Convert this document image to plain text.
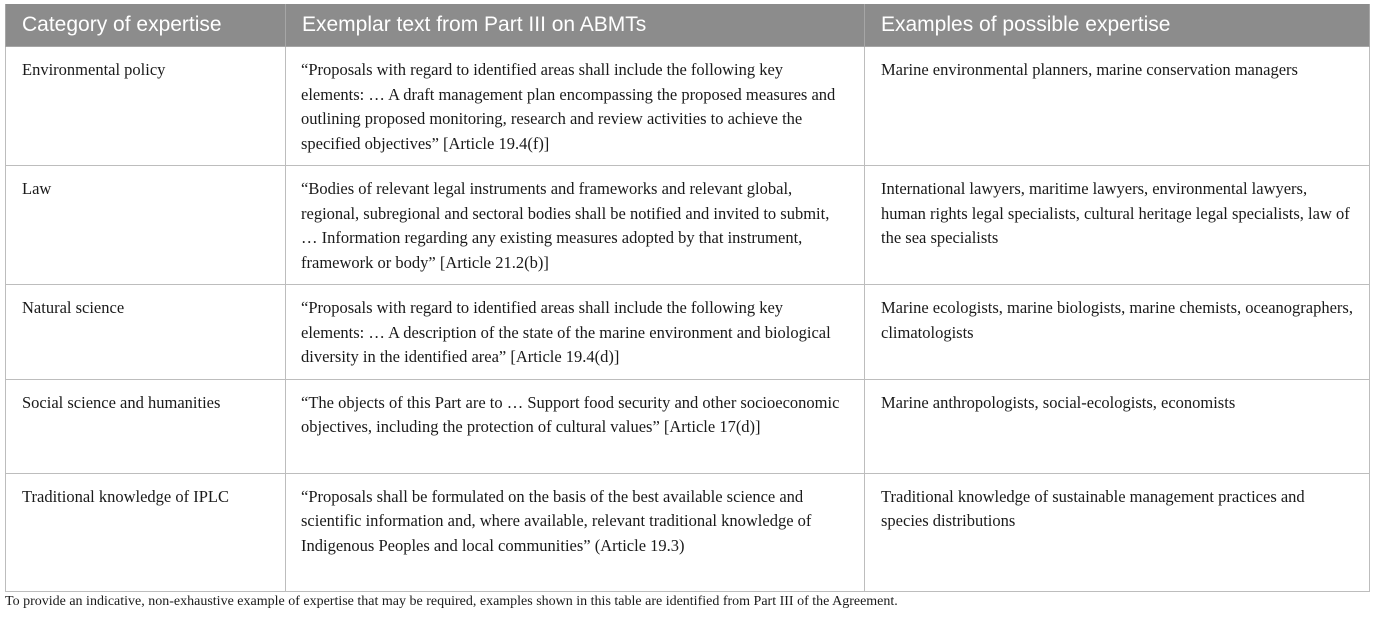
Category of expertise	Exemplar text from Part III on ABMTs	Examples of possible expertise
Environmental policy	“Proposals with regard to identified areas shall include the following key elements: … A draft management plan encompassing the proposed measures and outlining proposed monitoring, research and review activities to achieve the specified objectives” [Article 19.4(f)]	Marine environmental planners, marine conservation managers
Law	“Bodies of relevant legal instruments and frameworks and relevant global, regional, subregional and sectoral bodies shall be notified and invited to submit, … Information regarding any existing measures adopted by that instrument, framework or body” [Article 21.2(b)]	International lawyers, maritime lawyers, environmental lawyers, human rights legal specialists, cultural heritage legal specialists, law of the sea specialists
Natural science	“Proposals with regard to identified areas shall include the following key elements: … A description of the state of the marine environment and biological diversity in the identified area” [Article 19.4(d)]	Marine ecologists, marine biologists, marine chemists, oceanographers, climatologists
Social science and humanities	“The objects of this Part are to … Support food security and other socioeconomic objectives, including the protection of cultural values” [Article 17(d)]	Marine anthropologists, social-ecologists, economists
Traditional knowledge of IPLC	“Proposals shall be formulated on the basis of the best available science and scientific information and, where available, relevant traditional knowledge of Indigenous Peoples and local communities” (Article 19.3)	Traditional knowledge of sustainable management practices and species distributions
To provide an indicative, non-exhaustive example of expertise that may be required, examples shown in this table are identified from Part III of the Agreement.
